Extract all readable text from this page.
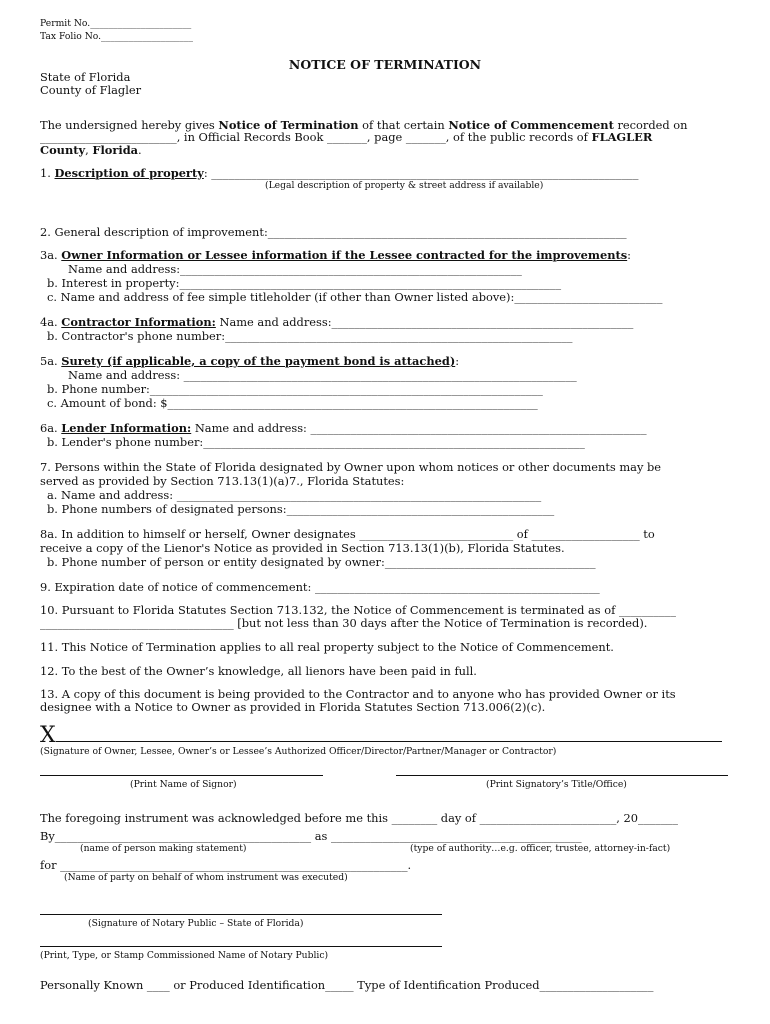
Permit No.______________________
Tax Folio No.____________________
NOTICE OF TERMINATION
State of Florida
County of Flagler
The undersigned hereby gives Notice of Termination of that certain Notice of Commencement recorded on
________________________, in Official Records Book _______, page _______, of the public records of FLAGLER
County, Florida.
1. Description of property: ___________________________________________________________________________
(Legal description of property & street address if available)
2. General description of improvement:_______________________________________________________________
3a. Owner Information or Lessee information if the Lessee contracted for the improvements:
Name and address:____________________________________________________________
b. Interest in property:___________________________________________________________________
c. Name and address of fee simple titleholder (if other than Owner listed above):__________________________
4a. Contractor Information: Name and address:_____________________________________________________
b. Contractor's phone number:_____________________________________________________________
5a. Surety (if applicable, a copy of the payment bond is attached):
Name and address: _____________________________________________________________________
b. Phone number:_____________________________________________________________________
c. Amount of bond: $_________________________________________________________________
6a. Lender Information: Name and address: ___________________________________________________________
b. Lender's phone number:___________________________________________________________________
7. Persons within the State of Florida designated by Owner upon whom notices or other documents may be
served as provided by Section 713.13(1)(a)7., Florida Statutes:
a. Name and address: ________________________________________________________________
b. Phone numbers of designated persons:_______________________________________________
8a. In addition to himself or herself, Owner designates ___________________________ of ___________________ to
receive a copy of the Lienor's Notice as provided in Section 713.13(1)(b), Florida Statutes.
b. Phone number of person or entity designated by owner:_____________________________________
9. Expiration date of notice of commencement: __________________________________________________
10. Pursuant to Florida Statutes Section 713.132, the Notice of Commencement is terminated as of __________
__________________________________ [but not less than 30 days after the Notice of Termination is recorded).
11. This Notice of Termination applies to all real property subject to the Notice of Commencement.
12. To the best of the Owner’s knowledge, all lienors have been paid in full.
13. A copy of this document is being provided to the Contractor and to anyone who has provided Owner or its
designee with a Notice to Owner as provided in Florida Statutes Section 713.006(2)(c).
X
(Signature of Owner, Lessee, Owner’s or Lessee’s Authorized Officer/Director/Partner/Manager or Contractor)
(Print Name of Signor)	(Print Signatory’s Title/Office)
The foregoing instrument was acknowledged before me this ________ day of ________________________, 20_______
By_____________________________________________ as ____________________________________________
(name of person making statement)	(type of authority…e.g. officer, trustee, attorney-in-fact)
for _____________________________________________________________.
(Name of party on behalf of whom instrument was executed)
(Signature of Notary Public – State of Florida)
(Print, Type, or Stamp Commissioned Name of Notary Public)
Personally Known ____ or Produced Identification_____ Type of Identification Produced____________________
